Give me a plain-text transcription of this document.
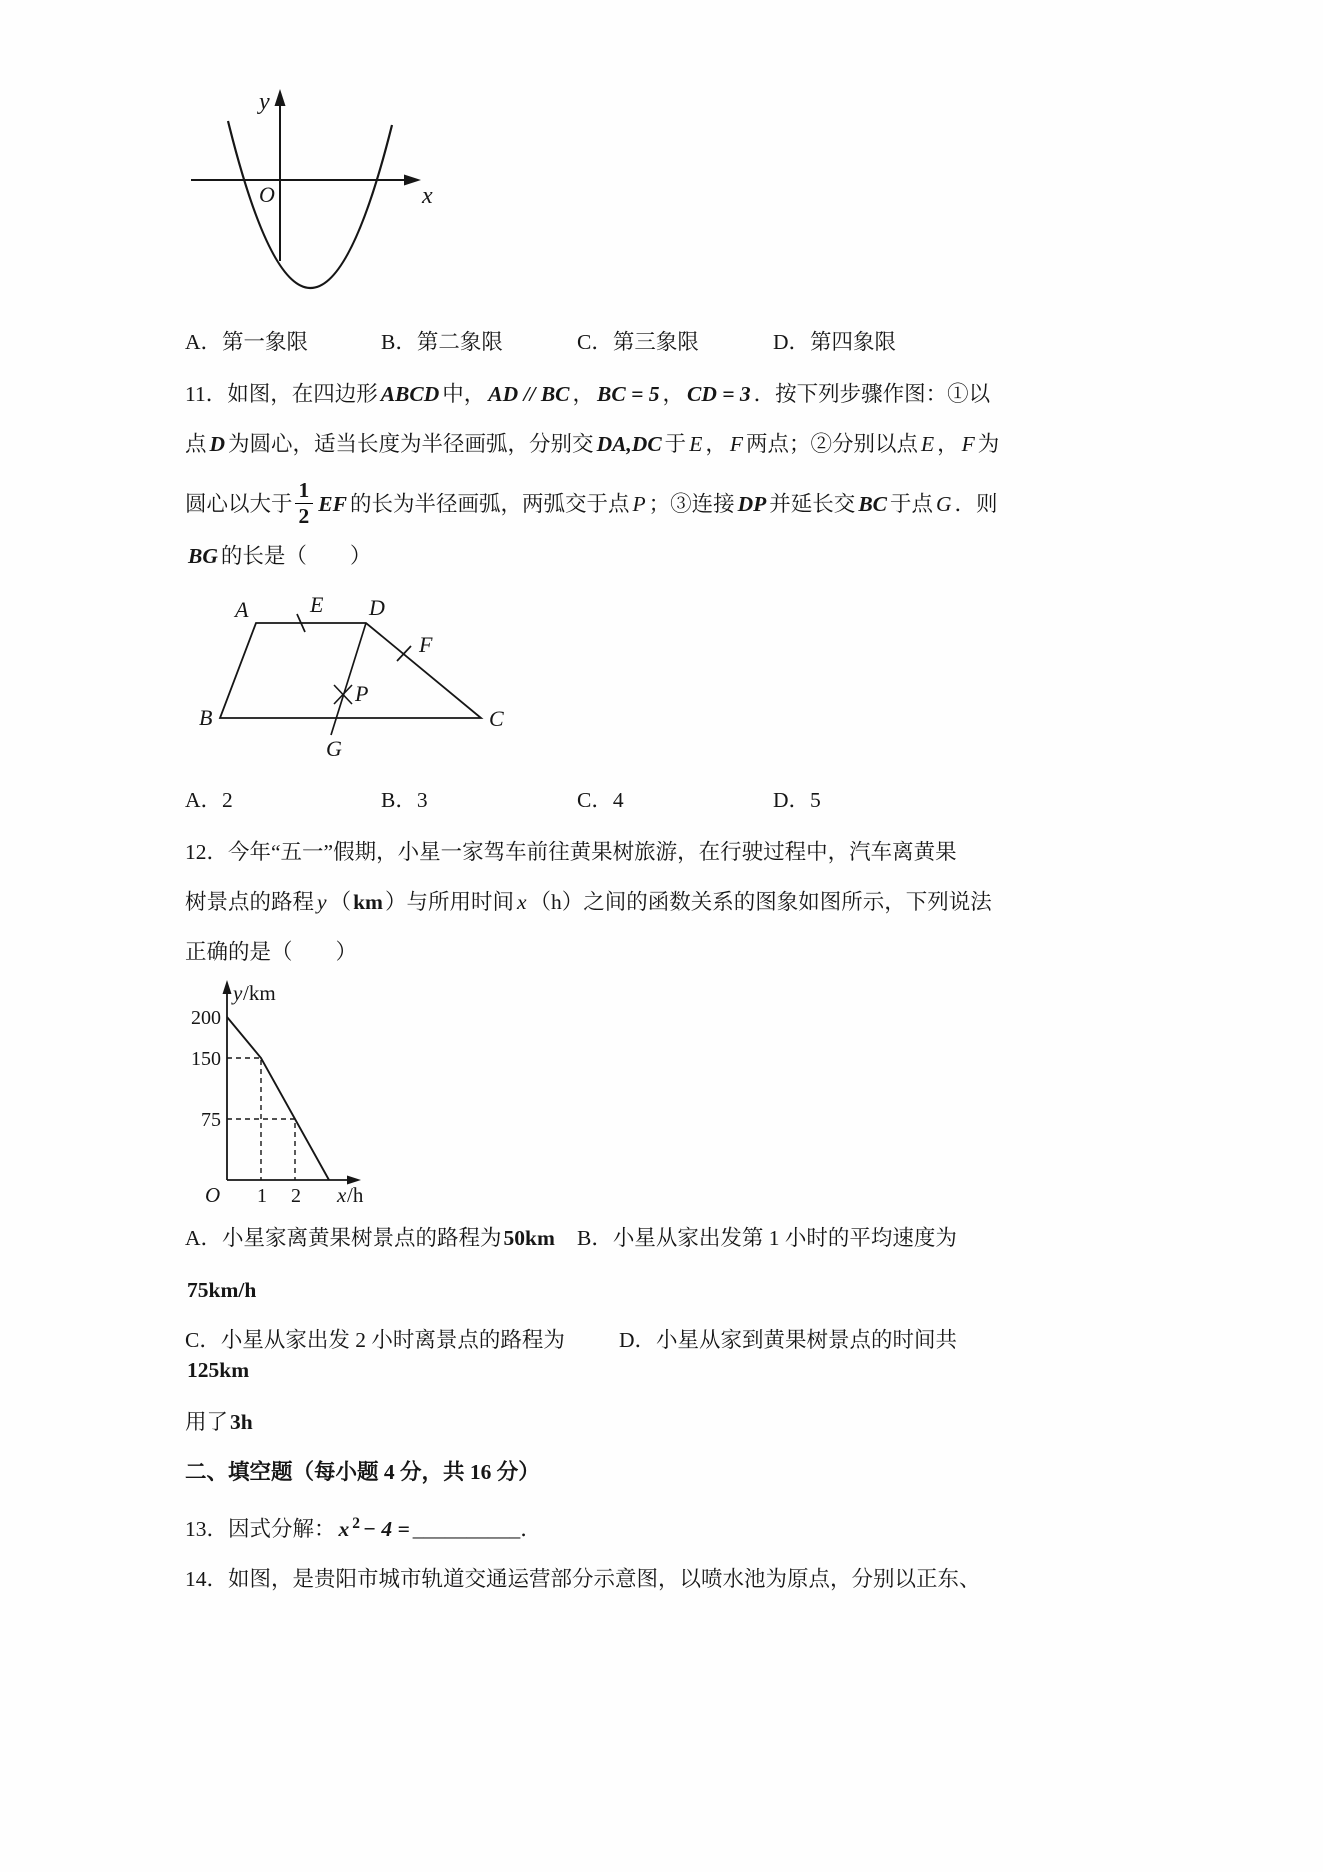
y
x
O
A．第一象限	B．第二象限	C．第三象限	D．第四象限
11．如图，在四边形 ABCD 中， AD // BC ， BC = 5 ， CD = 3 ．按下列步骤作图：①以
点 D 为圆心，适当长度为半径画弧，分别交 DA,DC 于 E ， F 两点；②分别以点 E ， F 为
圆心以大于 $\frac{1}{2}$ EF 的长为半径画弧，两弧交于点 P ；③连接 DP 并延长交 BC 于点 G ．则
BG 的长是（　　）
A	E D
F
B
P
C
G
A．2	B．3	C．4	D．5
12．今年“五一”假期，小星一家驾车前往黄果树旅游，在行驶过程中，汽车离黄果
树景点的路程 y （km）与所用时间 x （h）之间的函数关系的图象如图所示，下列说法
正确的是（　　）
y /km
200
150
75
O 1 2 x /h
A．小星家离黄果树景点的路程为50km	B．小星从家出发第 1 小时的平均速度为
75km/h
C．小星从家出发 2 小时离景点的路程为125km
D．小星从家到黄果树景点的时间共
用了3h
二、填空题（每小题 4 分，共 16 分）
13．因式分解： x $^2$ − 4 = __________．
14．如图，是贵阳市城市轨道交通运营部分示意图，以喷水池为原点，分别以正东、
